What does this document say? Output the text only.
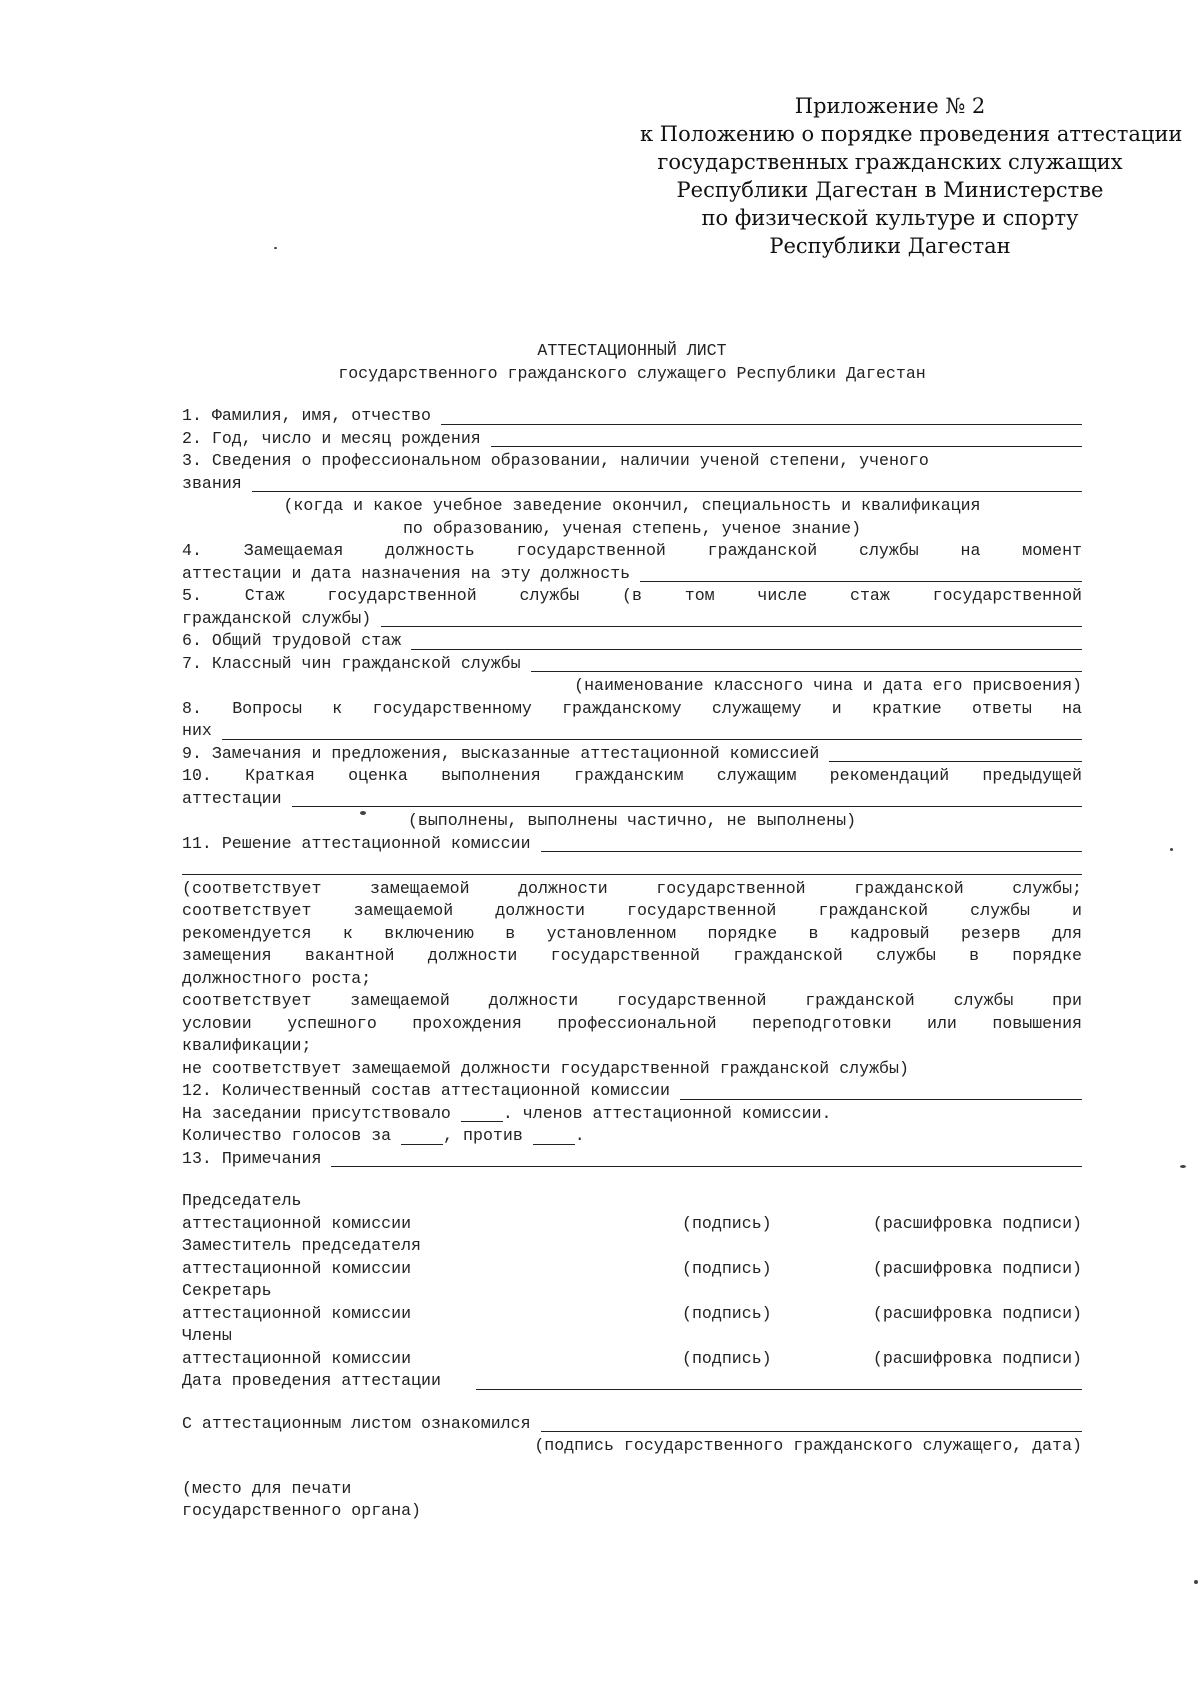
Приложение № 2
к Положению о порядке проведения аттестации
государственных гражданских служащих
Республики Дагестан в Министерстве
по физической культуре и спорту
Республики Дагестан
АТТЕСТАЦИОННЫЙ ЛИСТ
государственного гражданского служащего Республики Дагестан
1. Фамилия, имя, отчество
2. Год, число и месяц рождения
3. Сведения о профессиональном образовании, наличии ученой степени, ученого
звания
(когда и какое учебное заведение окончил, специальность и квалификация
по образованию, ученая степень, ученое знание)
4. Замещаемая должность государственной гражданской службы на момент
аттестации и дата назначения на эту должность
5. Стаж государственной службы (в том числе стаж государственной
гражданской службы)
6. Общий трудовой стаж
7. Классный чин гражданской службы
(наименование классного чина и дата его присвоения)
8. Вопросы к государственному гражданскому служащему и краткие ответы на
них
9. Замечания и предложения, высказанные аттестационной комиссией
10. Краткая оценка выполнения гражданским служащим рекомендаций предыдущей
аттестации
(выполнены, выполнены частично, не выполнены)
11. Решение аттестационной комиссии
(соответствует замещаемой должности государственной гражданской службы;
соответствует замещаемой должности государственной гражданской службы и
рекомендуется к включению в установленном порядке в кадровый резерв для
замещения вакантной должности государственной гражданской службы в порядке
должностного роста;
соответствует замещаемой должности государственной гражданской службы при
условии успешного прохождения профессиональной переподготовки или повышения
квалификации;
не соответствует замещаемой должности государственной гражданской службы)
12. Количественный состав аттестационной комиссии
На заседании присутствовало	. членов аттестационной комиссии.
Количество голосов за	, против	.
13. Примечания
Председатель
аттестационной комиссии	(подпись)	(расшифровка подписи)
Заместитель председателя
аттестационной комиссии	(подпись)	(расшифровка подписи)
Секретарь
аттестационной комиссии	(подпись)	(расшифровка подписи)
Члены
аттестационной комиссии	(подпись)	(расшифровка подписи)
Дата проведения аттестации
С аттестационным листом ознакомился
(подпись государственного гражданского служащего, дата)
(место для печати
государственного органа)
